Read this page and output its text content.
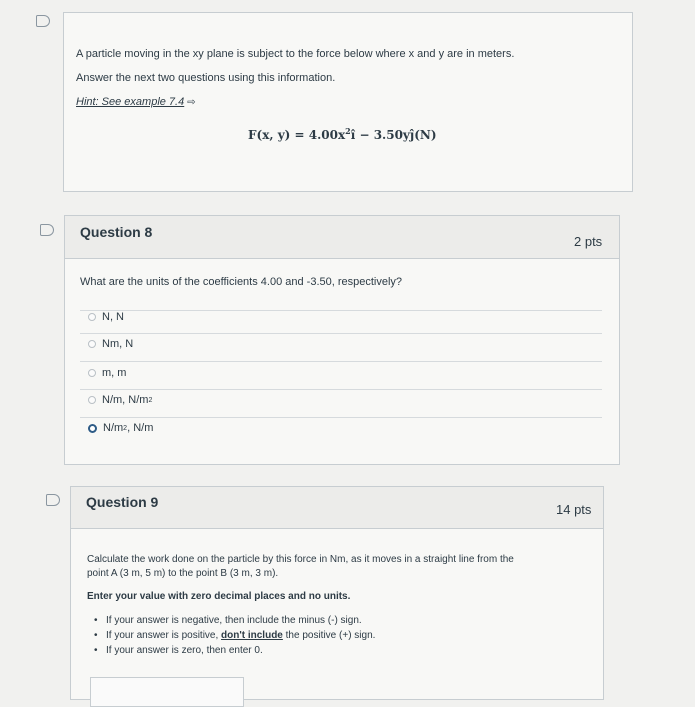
A particle moving in the xy plane is subject to the force below where x and y are in meters.
Answer the next two questions using this information.
Hint: See example 7.4 ⇨
F(x, $y) = 4.00x^2î$ − 3.50yĵ(N)
Question 8
2 pts
What are the units of the coefficients 4.00 and -3.50, respectively?
N, N
Nm, N
m, m
N/m, N/m 2
N/m 2 , N/m
Question 9	14 pts
Calculate the work done on the particle by this force in Nm, as it moves in a straight line from the
point A (3 m, 5 m) to the point B (3 m, 3 m).
Enter your value with zero decimal places and no units.
• If your answer is negative, then include the minus (-) sign.
• If your answer is positive, don't include the positive (+) sign.
• If your answer is zero, then enter 0.
